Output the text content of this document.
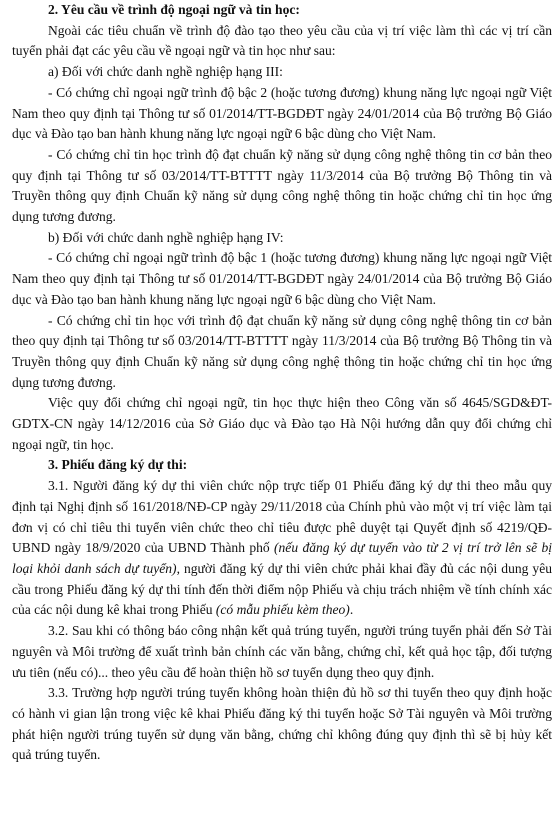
2. Yêu cầu về trình độ ngoại ngữ và tin học:

Ngoài các tiêu chuẩn về trình độ đào tạo theo yêu cầu của vị trí việc làm thì các vị trí cần tuyển phải đạt các yêu cầu về ngoại ngữ và tin học như sau:

a) Đối với chức danh nghề nghiệp hạng III:

- Có chứng chỉ ngoại ngữ trình độ bậc 2 (hoặc tương đương) khung năng lực ngoại ngữ Việt Nam theo quy định tại Thông tư số 01/2014/TT-BGDĐT ngày 24/01/2014 của Bộ trưởng Bộ Giáo dục và Đào tạo ban hành khung năng lực ngoại ngữ 6 bậc dùng cho Việt Nam.

- Có chứng chỉ tin học trình độ đạt chuẩn kỹ năng sử dụng công nghệ thông tin cơ bản theo quy định tại Thông tư số 03/2014/TT-BTTTT ngày 11/3/2014 của Bộ trưởng Bộ Thông tin và Truyền thông quy định Chuẩn kỹ năng sử dụng công nghệ thông tin hoặc chứng chỉ tin học ứng dụng tương đương.

b) Đối với chức danh nghề nghiệp hạng IV:

- Có chứng chỉ ngoại ngữ trình độ bậc 1 (hoặc tương đương) khung năng lực ngoại ngữ Việt Nam theo quy định tại Thông tư số 01/2014/TT-BGDĐT ngày 24/01/2014 của Bộ trưởng Bộ Giáo dục và Đào tạo ban hành khung năng lực ngoại ngữ 6 bậc dùng cho Việt Nam.

- Có chứng chỉ tin học với trình độ đạt chuẩn kỹ năng sử dụng công nghệ thông tin cơ bản theo quy định tại Thông tư số 03/2014/TT-BTTTT ngày 11/3/2014 của Bộ trưởng Bộ Thông tin và Truyền thông quy định Chuẩn kỹ năng sử dụng công nghệ thông tin hoặc chứng chỉ tin học ứng dụng tương đương.

Việc quy đổi chứng chỉ ngoại ngữ, tin học thực hiện theo Công văn số 4645/SGD&ĐT-GDTX-CN ngày 14/12/2016 của Sở Giáo dục và Đào tạo Hà Nội hướng dẫn quy đổi chứng chỉ ngoại ngữ, tin học.

3. Phiếu đăng ký dự thi:

3.1. Người đăng ký dự thi viên chức nộp trực tiếp 01 Phiếu đăng ký dự thi theo mẫu quy định tại Nghị định số 161/2018/NĐ-CP ngày 29/11/2018 của Chính phủ vào một vị trí việc làm tại đơn vị có chỉ tiêu thi tuyển viên chức theo chỉ tiêu được phê duyệt tại Quyết định số 4219/QĐ-UBND ngày 18/9/2020 của UBND Thành phố (nếu đăng ký dự tuyển vào từ 2 vị trí trở lên sẽ bị loại khỏi danh sách dự tuyển), người đăng ký dự thi viên chức phải khai đầy đủ các nội dung yêu cầu trong Phiếu đăng ký dự thi tính đến thời điểm nộp Phiếu và chịu trách nhiệm về tính chính xác của các nội dung kê khai trong Phiếu (có mẫu phiếu kèm theo).

3.2. Sau khi có thông báo công nhận kết quả trúng tuyển, người trúng tuyển phải đến Sở Tài nguyên và Môi trường để xuất trình bản chính các văn bằng, chứng chỉ, kết quả học tập, đối tượng ưu tiên (nếu có)... theo yêu cầu để hoàn thiện hồ sơ tuyển dụng theo quy định.

3.3. Trường hợp người trúng tuyển không hoàn thiện đủ hồ sơ thi tuyển theo quy định hoặc có hành vi gian lận trong việc kê khai Phiếu đăng ký thi tuyển hoặc Sở Tài nguyên và Môi trường phát hiện người trúng tuyển sử dụng văn bằng, chứng chỉ không đúng quy định thì sẽ bị hủy kết quả trúng tuyển.
